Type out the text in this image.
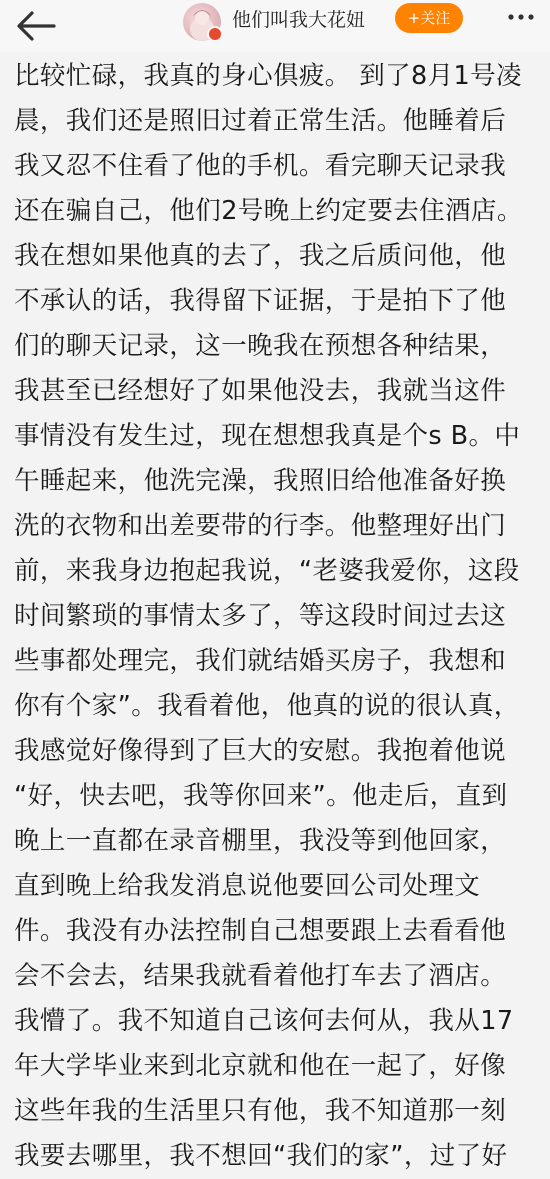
他们叫我大花妞	+关注
比较忙碌，我真的身心俱疲。 到了8月1号凌
晨，我们还是照旧过着正常生活。他睡着后
我又忍不住看了他的手机。看完聊天记录我
还在骗自己，他们2号晚上约定要去住酒店。
我在想如果他真的去了，我之后质问他，他
不承认的话，我得留下证据，于是拍下了他
们的聊天记录，这一晚我在预想各种结果，
我甚至已经想好了如果他没去，我就当这件
事情没有发生过，现在想想我真是个s B。中
午睡起来，他洗完澡，我照旧给他准备好换
洗的衣物和出差要带的行李。他整理好出门
前，来我身边抱起我说，“老婆我爱你，这段
时间繁琐的事情太多了，等这段时间过去这
些事都处理完，我们就结婚买房子，我想和
你有个家”。我看着他，他真的说的很认真，
我感觉好像得到了巨大的安慰。我抱着他说
“好，快去吧，我等你回来”。他走后，直到
晚上一直都在录音棚里，我没等到他回家，
直到晚上给我发消息说他要回公司处理文
件。我没有办法控制自己想要跟上去看看他
会不会去，结果我就看着他打车去了酒店。
我懵了。我不知道自己该何去何从，我从17
年大学毕业来到北京就和他在一起了，好像
这些年我的生活里只有他，我不知道那一刻
我要去哪里，我不想回“我们的家”，过了好
